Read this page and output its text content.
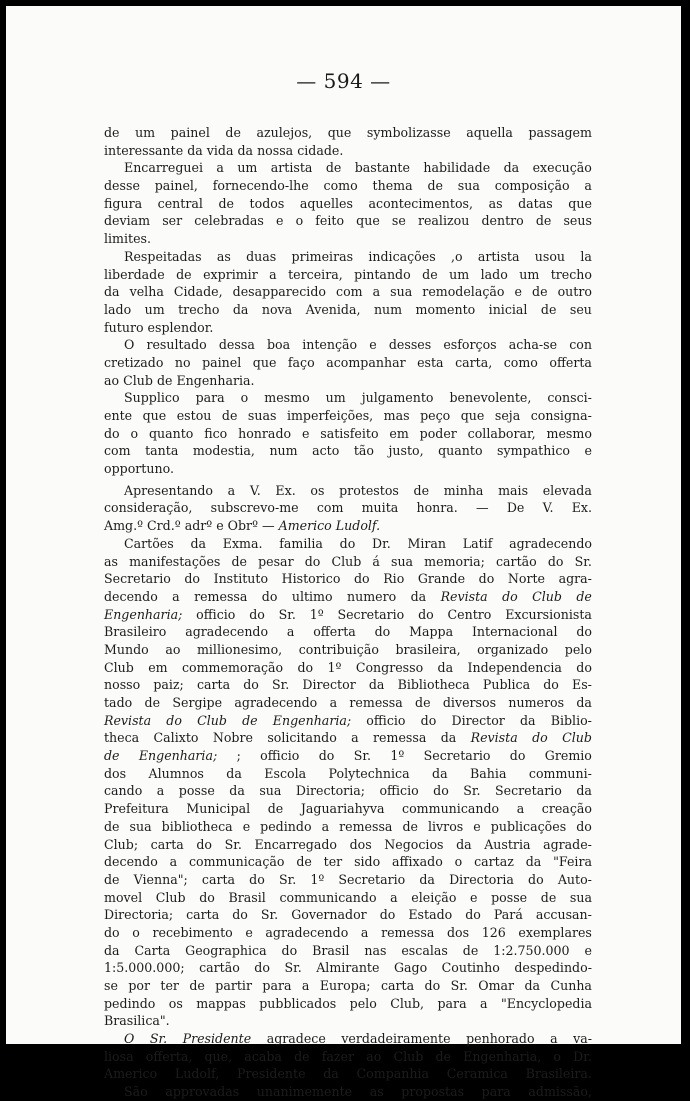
— 594 —
de um painel de azulejos, que symbolizasse aquella passagem
interessante da vida da nossa cidade.
Encarreguei a um artista de bastante habilidade da execução
desse painel, fornecendo-lhe como thema de sua composição a
figura central de todos aquelles acontecimentos, as datas que
deviam ser celebradas e o feito que se realizou dentro de seus
limites.
Respeitadas as duas primeiras indicações ,o artista usou la
liberdade de exprimir a terceira, pintando de um lado um trecho
da velha Cidade, desapparecido com a sua remodelação e de outro
lado um trecho da nova Avenida, num momento inicial de seu
futuro esplendor.
O resultado dessa boa intenção e desses esforços acha-se con
cretizado no painel que faço acompanhar esta carta, como offerta
ao Club de Engenharia.
Supplico para o mesmo um julgamento benevolente, consci-
ente que estou de suas imperfeições, mas peço que seja consigna-
do o quanto fico honrado e satisfeito em poder collaborar, mesmo
com tanta modestia, num acto tão justo, quanto sympathico e
opportuno.
Apresentando a V. Ex. os protestos de minha mais elevada
consideração, subscrevo-me com muita honra. — De V. Ex.
Amg.º Crd.º adrº e Obrº — Americo Ludolf.
Cartões da Exma. familia do Dr. Miran Latif agradecendo
as manifestações de pesar do Club á sua memoria; cartão do Sr.
Secretario do Instituto Historico do Rio Grande do Norte agra-
decendo a remessa do ultimo numero da Revista do Club de
Engenharia; officio do Sr. 1º Secretario do Centro Excursionista
Brasileiro agradecendo a offerta do Mappa Internacional do
Mundo ao millionesimo, contribuição brasileira, organizado pelo
Club em commemoração do 1º Congresso da Independencia do
nosso paiz; carta do Sr. Director da Bibliotheca Publica do Es-
tado de Sergipe agradecendo a remessa de diversos numeros da
Revista do Club de Engenharia; officio do Director da Biblio-
theca Calixto Nobre solicitando a remessa da Revista do Club
de Engenharia; ; officio do Sr. 1º Secretario do Gremio
dos Alumnos da Escola Polytechnica da Bahia communi-
cando a posse da sua Directoria; officio do Sr. Secretario da
Prefeitura Municipal de Jaguariahyva communicando a creação
de sua bibliotheca e pedindo a remessa de livros e publicações do
Club; carta do Sr. Encarregado dos Negocios da Austria agrade-
decendo a communicação de ter sido affixado o cartaz da "Feira
de Vienna"; carta do Sr. 1º Secretario da Directoria do Auto-
movel Club do Brasil communicando a eleição e posse de sua
Directoria; carta do Sr. Governador do Estado do Pará accusan-
do o recebimento e agradecendo a remessa dos 126 exemplares
da Carta Geographica do Brasil nas escalas de 1:2.750.000 e
1:5.000.000; cartão do Sr. Almirante Gago Coutinho despedindo-
se por ter de partir para a Europa; carta do Sr. Omar da Cunha
pedindo os mappas pubblicados pelo Club, para a "Encyclopedia
Brasilica".
O Sr. Presidente agradece verdadeiramente penhorado a va-
liosa offerta, que, acaba de fazer ao Club de Engenharia, o Dr.
Americo Ludolf, Presidente da Companhia Ceramica Brasileira.
São approvadas unanimemente as propostas para admissão,
